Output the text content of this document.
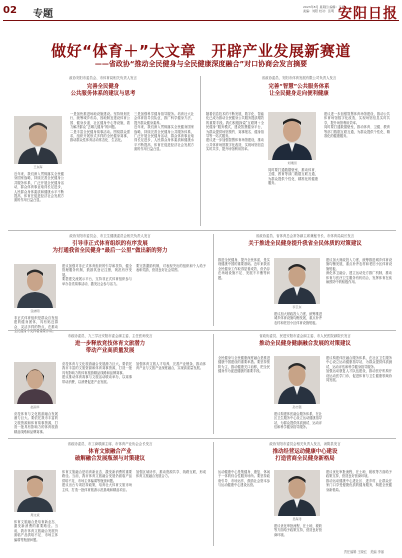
02 专题
2023年8月 星期四 编辑：王东 美编：刘阳 校对：张明 安阳日报
做好“体育＋”大文章　开辟产业发展新赛道
——省政协“推动全民健身与全民健康深度融合”对口协商会发言摘要
政协安阳市委员会、市体育局相关负责人发言
完善全民健身
公共服务体系的建议与思考
王东海

近年来，我们深入贯彻落实全民健身国家战略，持续完善全民健身公共服务体系，广泛开展全民健身活动，群众体育事业取得长足进步，人民群众身体素质和健康水平不断提高，体育在促进经济社会发展方面的作用日益凸显。

一是加快推进场地设施建设。坚持规划先行，统筹城乡布局，因地制宜建设体育公园、健身步道、社区健身中心等设施，着力解决群众“去哪儿健身”的问题。

二是丰富全民健身赛事活动。围绕群众需求，组织开展形式多样的全民健身赛事，推动群众性体育活动常态化、生活化。

三是加强科学健身指导服务。培育壮大社会体育指导员队伍，推广科学健身方法，提升群众健身素养。

近年来，我们深入贯彻落实全民健身国家战略，持续完善全民健身公共服务体系，广泛开展全民健身活动，群众体育事业取得长足进步，人民群众身体素质和健康水平不断提高，体育在促进经济社会发展方面的作用日益凸显。

省政协委员、安阳市体育发展有限公司负责人发言
完善“智慧”公共服务体系
让全民健身走向便利健康

随着信息技术的不断发展，数字化、智能化已成为推动全民健身公共服务提质增效的重要手段。我们积极探索“互联网＋全民健身”服务模式，建设智慧健身平台，为群众提供场馆预约、赛事报名、健身指导等一站式服务。

建议进一步加强智慧体育场馆建设，推动公共体育场馆数字化改造，实现场馆信息实时共享，提升场馆利用效率。

刘建国

同时要打通数据壁垒，推动体育、卫健、教育等部门数据互联互通，为群众提供个性化、精准化的健康服务。

建议进一步加强智慧体育场馆建设，推动公共体育场馆数字化改造，实现场馆信息实时共享，提升场馆利用效率。

同时要打通数据壁垒，推动体育、卫健、教育等部门数据互联互通，为群众提供个性化、精准化的健康服务。

政协安阳市委员会、市卫生健康委员会相关负责人发言
引导非正式体育组织的有序发展
为打通我省全民健身“最后一公里”做出新的努力
张晓明

非正式体育组织是群众自发组建的健身团体，具有贴近群众、灵活多样的特点，在推动全民健身中发挥着重要作用。

建议加强对非正式体育组织的引导和扶持，健全管理服务机制，鼓励其登记注册，规范有序发展。

要搭建交流展示平台，支持非正式体育组织参与举办各类赛事活动，激发社会参与活力。

要完善激励机制，对表现突出的组织和个人给予表彰奖励，营造良好社会氛围。

省政协委员、省体育总会常务副主席兼秘书长、市体育局局长发言
关于推进全民健身提升我省全民体质的对策建议

推进全民健身，提升全民体质，是实现健康中国的重要基础。近年来我省全民健身工作取得显著成效，但仍存在场地设施不足、发展不平衡等问题。

李卫东

建议加大财政投入力度，统筹推进城乡体育设施均衡发展，重点补齐农村和老旧小区体育设施短板。

建议加大财政投入力度，统筹推进城乡体育设施均衡发展，重点补齐农村和老旧小区体育设施短板。

深化体卫融合，建立运动处方推广机制，推动体育与医疗卫生服务有机结合，发挥体育在疾病预防中的积极作用。

市政协委员、九三学社安阳市委会副主委、主任医师发言
进一步释放竞技体育文旅潜力
带动产业高质量发展
赵丽华

竞技体育与文化旅游融合发展潜力巨大。要依托我市丰富的文旅资源和体育赛事资源，打造一批具有影响力的体育旅游精品线路和品牌赛事。

竞技体育与文化旅游融合发展潜力巨大。要依托我市丰富的文旅资源和体育赛事资源，打造一批具有影响力的体育旅游精品线路和品牌赛事。

建议推动体育赛事与文旅活动联动举办，以赛事带动消费，以消费促进产业发展。

加强体育文旅人才培养，完善产业链条，推动体育产业与文旅产业深度融合，实现高质量发展。

省政协委员、民进安阳市委会副主委、市人民医院副院长发言
推动全民健身健康融合发展的对策建议

全民健身与全民健康深度融合是推进健康中国建设的重要举措。要坚持预防为主，推动健康关口前移，把全民健身作为促进健康的重要手段。

孙志强

建议构建体医融合服务体系，在社区卫生服务中心设立运动健康指导站，为群众提供体质测试、运动评估和科学健身指导服务。

建议构建体医融合服务体系，在社区卫生服务中心设立运动健康指导站，为群众提供体质测试、运动评估和科学健身指导服务。

加强运动康复人才队伍建设，推动医疗机构开设运动医学门诊，促进体育与卫生健康领域协同发展。

省政协委员、市工商联副主席、市体育产业协会会长发言
体育文旅融合产业
破解融合发展瓶颈与对策建议
周文斌

体育文旅融合是培育新业态、激发新消费的重要路径。当前，我市体育文旅融合发展仍面临产品供给不足、市场主体偏弱等瓶颈问题。

体育文旅融合是培育新业态、激发新消费的重要路径。当前，我市体育文旅融合发展仍面临产品供给不足、市场主体偏弱等瓶颈问题。

建议出台专项扶持政策，培育壮大体育文旅市场主体，打造一批体育旅游示范基地和精品项目。

加强区域协作，推动资源共享、线路互联，形成体育文旅融合发展合力。

政协安阳市委员会相关负责人发言，汤阴县发言
推动经营运动健康中心建设
打造营商全民健身新格局

运动健康中心是集健身、康复、休闲于一体的综合性服务场所。要坚持政府引导、市场运作，鼓励社会资本参与运动健康中心建设运营。

吴海涛

建议优化审批流程，在土地、税收等方面给予政策支持，营造良好营商环境。

建议优化审批流程，在土地、税收等方面给予政策支持，营造良好营商环境。

推动运动健康中心进社区、进乡村，让群众在家门口享受便捷优质的健身服务，构建全民健身新格局。

责任编辑 王晓红　美编 李丽
